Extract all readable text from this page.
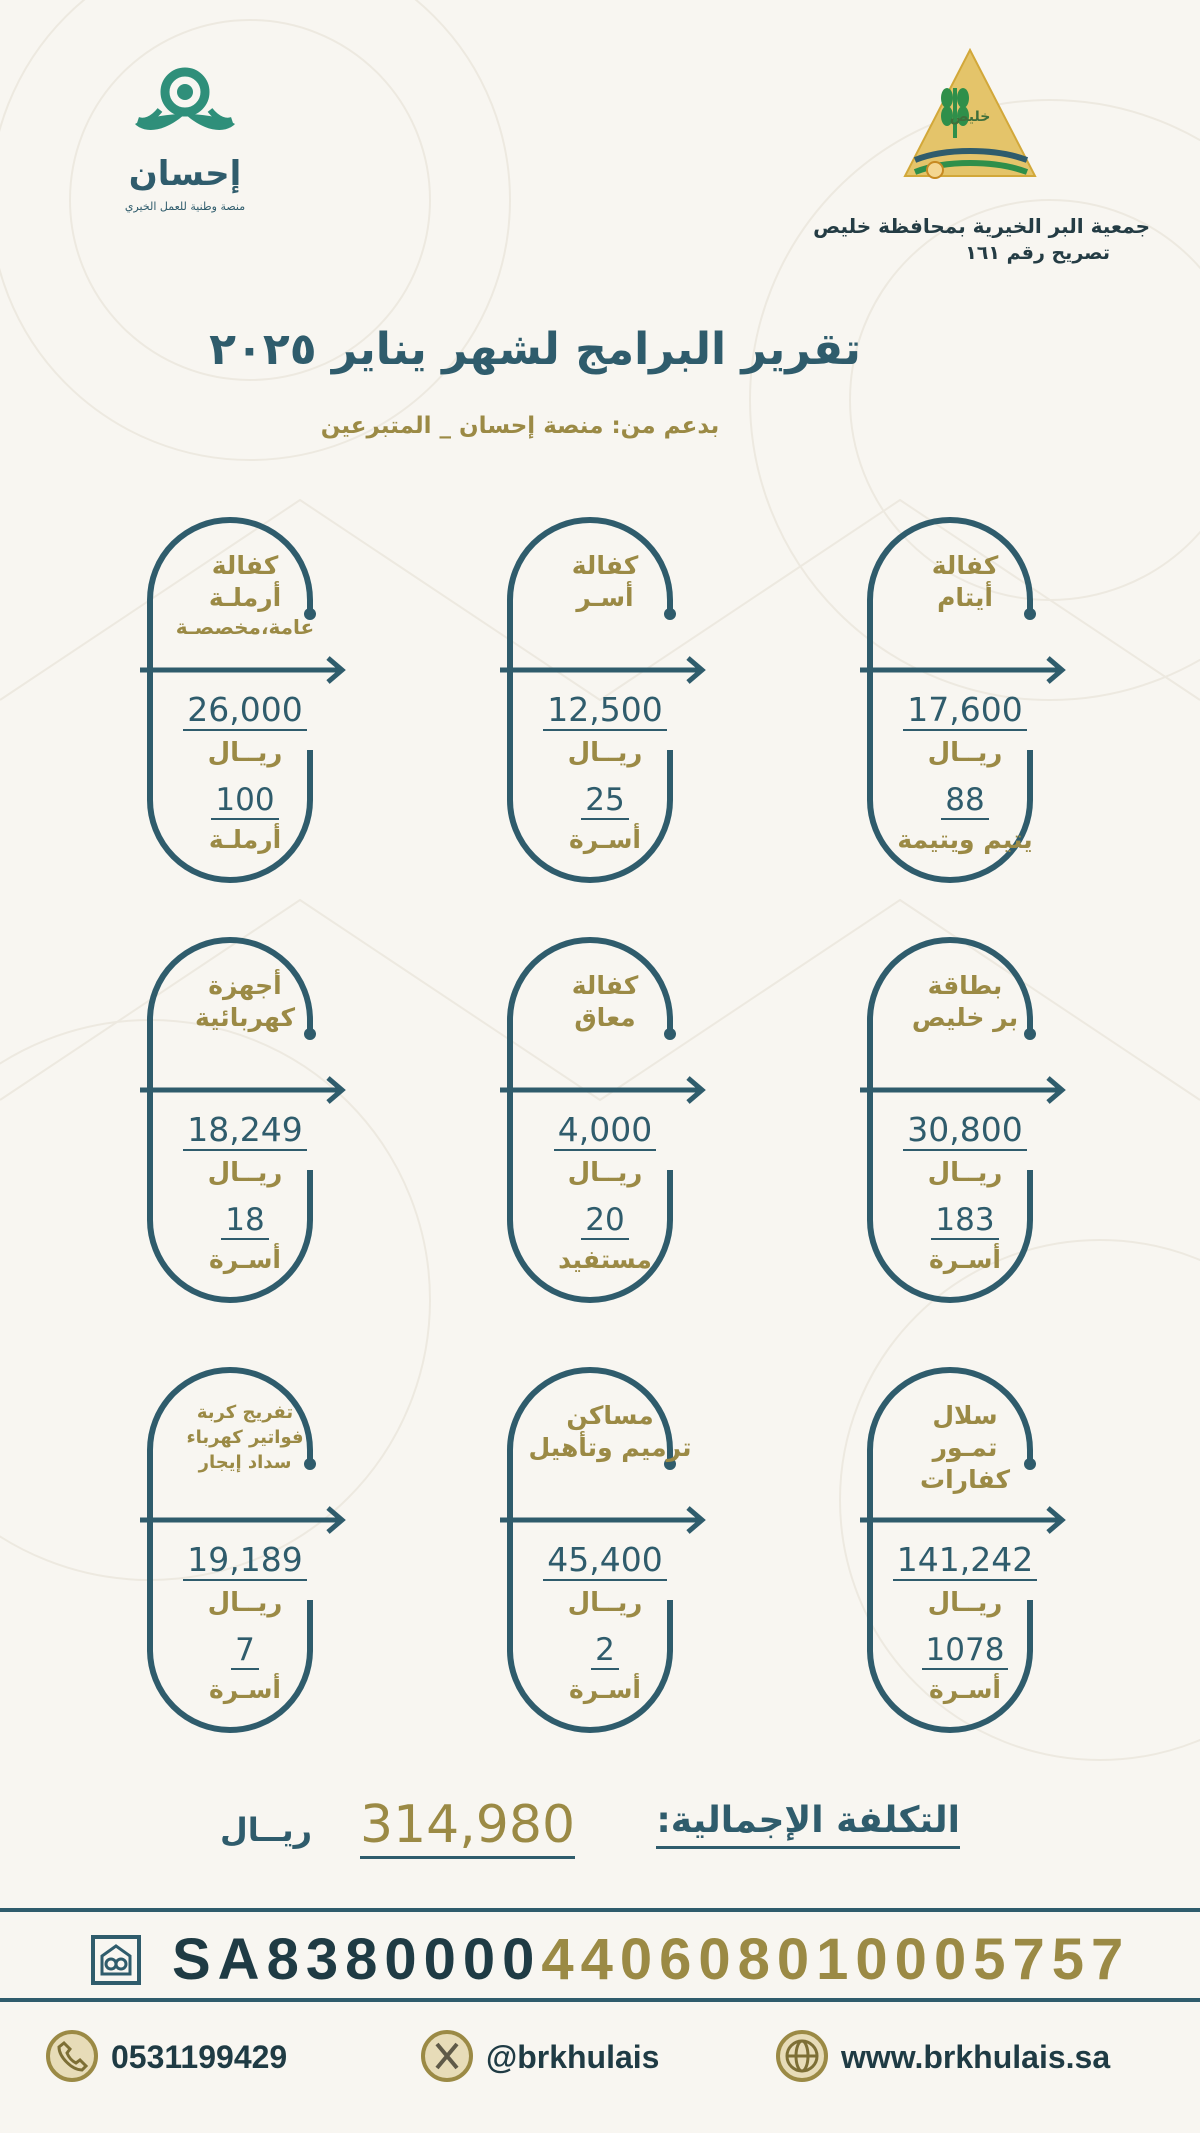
إحسان
منصة وطنية للعمل الخيري
خليص
جمعية البر الخيرية بمحافظة خليص
تصريح رقم ١٦١
تقرير البرامج لشهر يناير ٢٠٢٥
بدعم من: منصة إحسان _ المتبرعين
كفالة
أيتام
17,600
ريــال
88
يتيم ويتيمة
كفالة
أسـر
12,500
ريــال
25
أسـرة
كفالة
أرملـة
عامة،مخصصـة
26,000
ريــال
100
أرملـة
بطاقة
بر خليص
30,800
ريــال
183
أسـرة
كفالة
معاق
4,000
ريــال
20
مستفيد
أجهزة
كهربائية
18,249
ريــال
18
أسـرة
سلال
تمـور
كفارات
141,242
ريــال
1078
أسـرة
مساكن
ترميم وتأهيل
45,400
ريــال
2
أسـرة
تفريج كربة
فواتير كهرباء
سداد إيجار
19,189
ريــال
7
أسـرة
التكلفة الإجمالية:
314,980
ريــال
SA8380000440608010005757
0531199429	@brkhulais	www.brkhulais.sa
